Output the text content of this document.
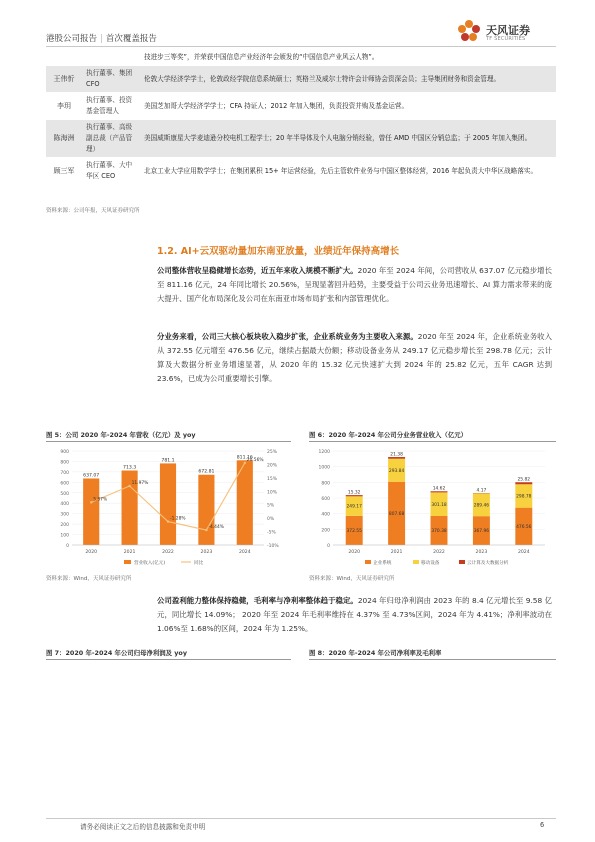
港股公司报告 | 首次覆盖报告
天风证券
TF SECURITIES
		技进步三等奖”，并荣获中国信息产业经济年会颁发的“中国信息产业风云人物”。
王伟忻	执行董事、集团 CFO	伦敦大学经济学学士，伦敦政经学院信息系统硕士；英格兰及威尔士特许会计师协会资深会员；主导集团财务和资金管理。
李玥	执行董事、投资基金管理人	美国芝加哥大学经济学学士；CFA 持证人；2012 年加入集团，负责投资并购及基金运营。
陈海洲	执行董事、高级副总裁（产品管理）	美国威斯康星大学麦迪逊分校电机工程学士；20 年半导体及个人电脑分销经验，曾任 AMD 中国区分销总监；于 2005 年加入集团。
顾三军	执行董事、大中华区 CEO	北京工业大学应用数学学士；在集团累积 15+ 年运营经验，先后主管软件业务与中国区整体经营，2016 年起负责大中华区战略落实。
资料来源：公司年报，天风证券研究所
1.2. AI+云双驱动量加东南亚放量，业绩近年保持高增长
公司整体营收呈稳健增长态势，近五年来收入规模不断扩大。2020 年至 2024 年间，公司营收从 637.07 亿元稳步增长至 811.16 亿元，24 年同比增长 20.56%，呈现显著回升趋势，主要受益于公司云业务迅速增长、AI 算力需求带来的庞大提升、国产化布局深化及公司在东南亚市场布局扩张和内部管理优化。
分业务来看，公司三大核心板块收入稳步扩张，企业系统业务为主要收入来源。2020 年至 2024 年，企业系统业务收入从 372.55 亿元增至 476.56 亿元，继续占据最大份额；移动设备业务从 249.17 亿元稳步增长至 298.78 亿元；云计算及大数据分析业务增速显著，从 2020 年的 15.32 亿元快速扩大到 2024 年的 25.82 亿元，五年 CAGR 达到 23.6%，已成为公司重要增长引擎。
图 5：公司 2020 年-2024 年营收（亿元）及 yoy
0
100
200
300
400
500
600
700
800
900
-10%
-5%
0%
5%
10%
15%
20%
25%
637.07
2020
713.3
2021
781.1
2022
672.81
2023
811.16
2024
5.87%
11.97%
-1.28%
-4.44%
20.56%
营业收入(亿元)	同比
资料来源：Wind，天风证券研究所
图 6：2020 年-2024 年公司分业务营业收入（亿元）
0
200
400
600
800
1000
1200
372.55
249.17
15.32
2020
807.68
293.84
21.38
2021
370.38
301.18
14.62
2022
367.96
289.46
4.17
2023
476.56
298.78
25.82
2024
企业系统	移动设备	云计算及大数据分析
资料来源：Wind，天风证券研究所
公司盈利能力整体保持稳健，毛利率与净利率整体趋于稳定。2024 年归母净利润由 2023 年的 8.4 亿元增长至 9.58 亿元，同比增长 14.09%； 2020 年至 2024 年毛利率维持在 4.37% 至 4.73%区间，2024 年为 4.41%；净利率波动在 1.06%至 1.68%的区间，2024 年为 1.25%。
图 7：2020 年-2024 年公司归母净利润及 yoy	图 8：2020 年-2024 年公司净利率及毛利率
请务必阅读正文之后的信息披露和免责申明	6
